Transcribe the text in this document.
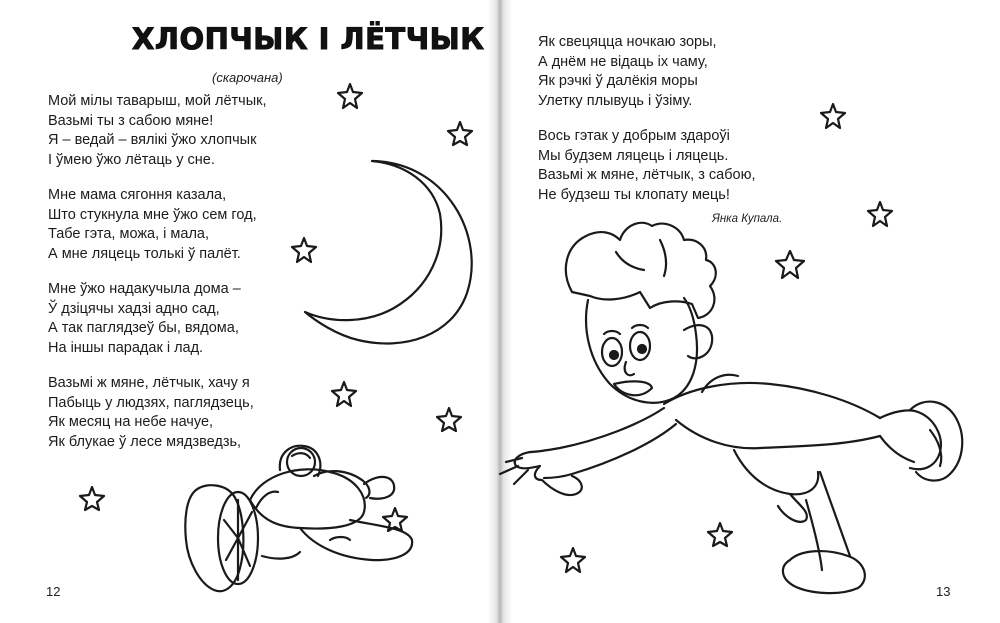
ХЛОПЧЫК І ЛЁТЧЫК
(скарочана)
Мой мілы таварыш, мой лётчык,
Вазьмі ты з сабою мяне!
Я – ведай – вялікі ўжо хлопчык
І ўмею ўжо лётаць у сне.
Мне мама сягоння казала,
Што стукнула мне ўжо сем год,
Табе гэта, можа, і мала,
А мне ляцець толькі ў палёт.
Мне ўжо надакучыла дома –
Ў дзіцячы хадзі адно сад,
А так паглядзеў бы, вядома,
На іншы парадак і лад.
Вазьмі ж мяне, лётчык, хачу я
Пабыць у людзях, паглядзець,
Як месяц на небе начуе,
Як блукае ў лесе мядзведзь,
Як свецяцца ночкаю зоры,
А днём не відаць іх чаму,
Як рэчкі ў далёкія моры
Улетку плывуць і ўзіму.
Вось гэтак у добрым здароўі
Мы будзем ляцець і ляцець.
Вазьмі ж мяне, лётчык, з сабою,
Не будзеш ты клопату мець!
Янка Купала.
12	13
